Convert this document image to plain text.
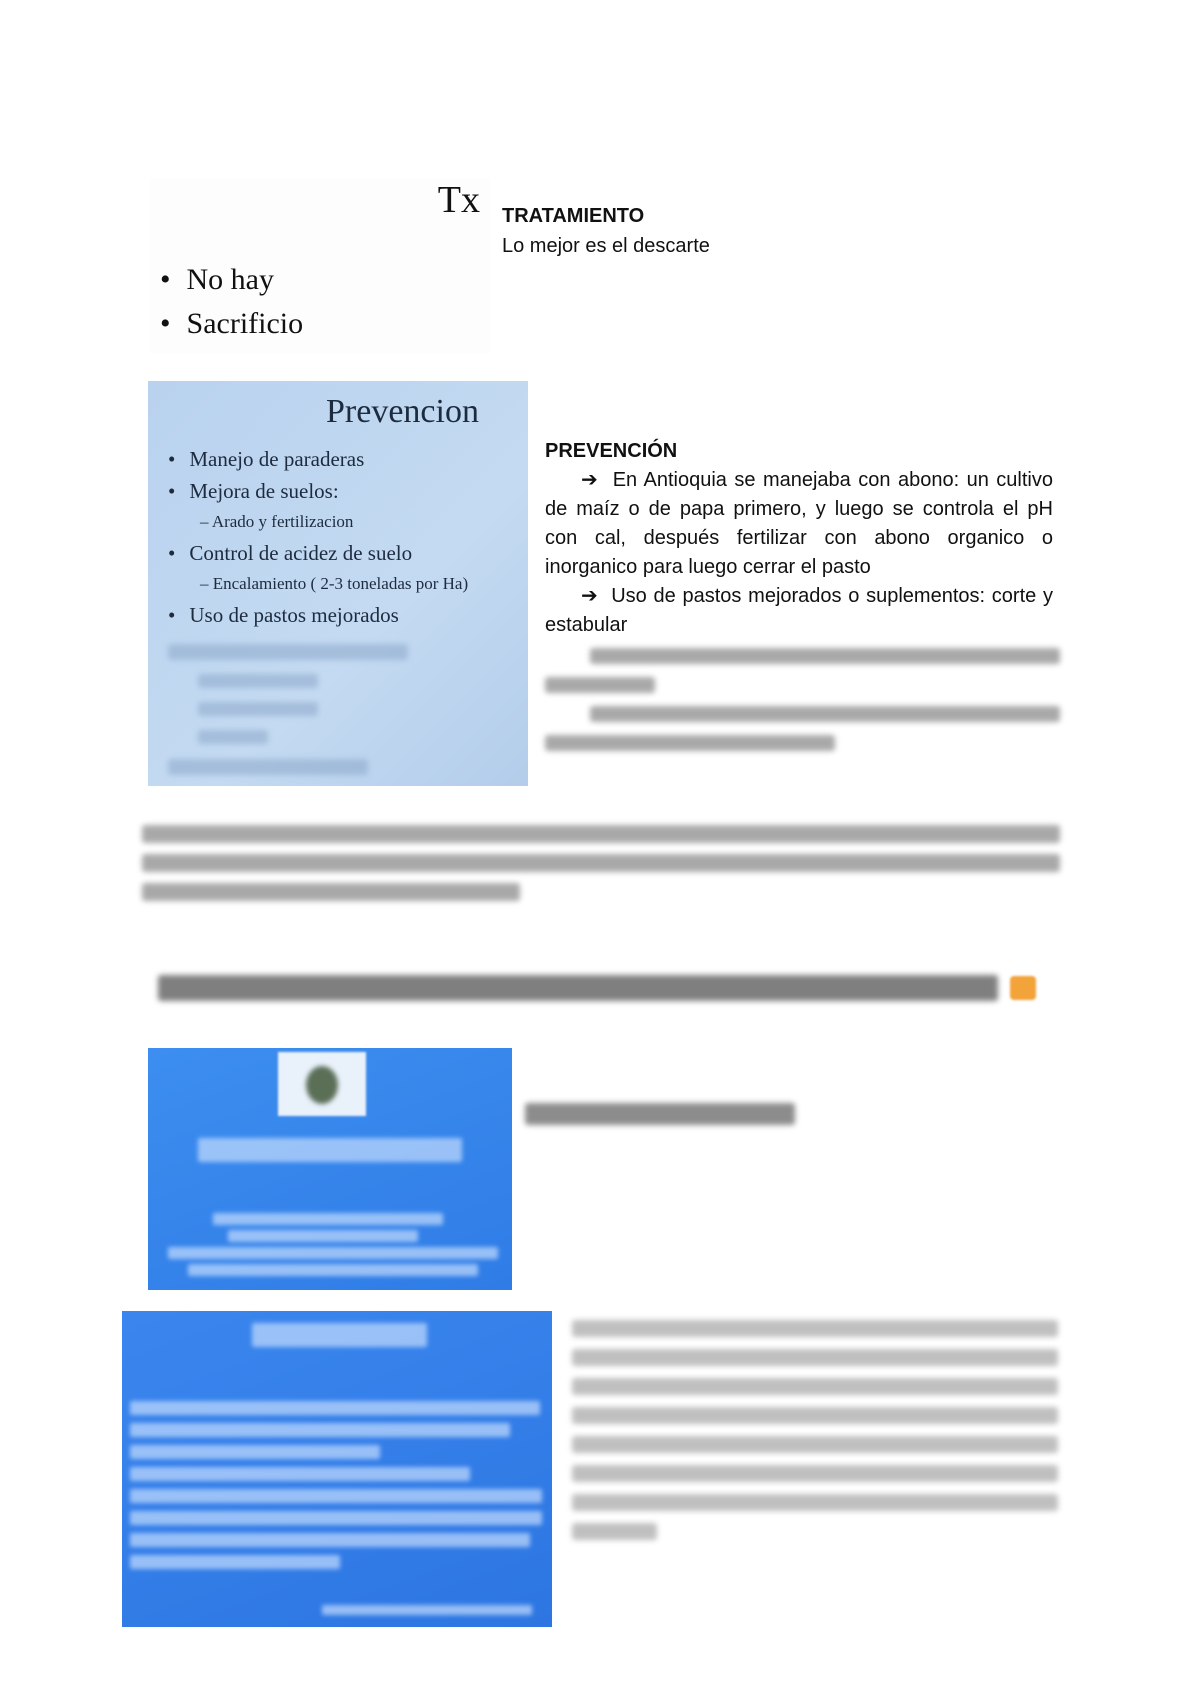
Tx
• No hay
• Sacrificio
TRATAMIENTO
Lo mejor es el descarte
Prevencion
• Manejo de paraderas
• Mejora de suelos:
– Arado y fertilizacion
• Control de acidez de suelo
– Encalamiento ( 2-3 toneladas por Ha)
• Uso de pastos mejorados
PREVENCIÓN
➔ En Antioquia se manejaba con abono: un cultivo de maíz o de papa primero, y luego se controla el pH con cal, después fertilizar con abono organico o inorganico para luego cerrar el pasto
➔ Uso de pastos mejorados o suplementos: corte y estabular
